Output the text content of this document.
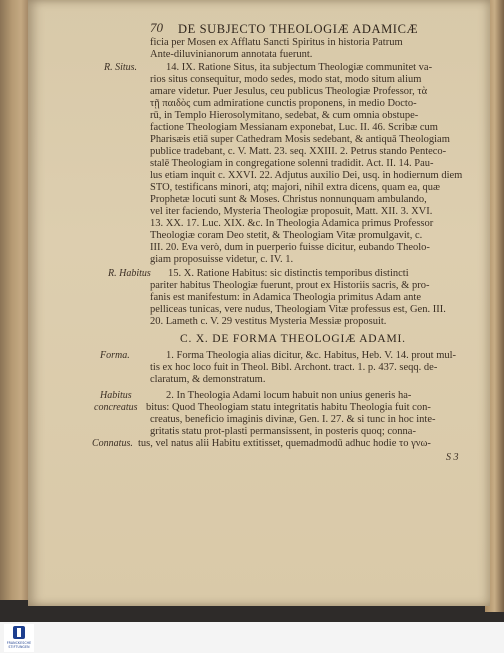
70 DE SUBJECTO THEOLOGIÆ ADAMICÆ
ficia per Mosen ex Afflatu Sancti Spiritus in historia Patrum
Ante-diluvinianorum annotata fuerunt.
R. Situs.	14. IX. Ratione Situs, ita subjectum Theologiæ communitet va-
rios situs consequitur, modo sedes, modo stat, modo situm alium
amare videtur. Puer Jesulus, ceu publicus Theologiæ Professor, τὰ
τῇ παιδὸς cum admiratione cunctis proponens, in medio Docto-
rū, in Templo Hierosolymitano, sedebat, & cum omnia obstupe-
factione Theologiam Messianam exponebat, Luc. II. 46. Scribæ cum
Pharisæis etiā super Cathedram Mosis sedebant, & antiquā Theologiam
publice tradebant, c. V. Matt. 23. seq. XXIII. 2. Petrus stando Penteco-
stalē Theologiam in congregatione solenni tradidit. Act. II. 14. Pau-
lus etiam inquit c. XXVI. 22. Adjutus auxilio Dei, usq. in hodiernum diem
STO, testificans minori, atq; majori, nihil extra dicens, quam ea, quæ
Prophetæ locuti sunt & Moses. Christus nonnunquam ambulando,
vel iter faciendo, Mysteria Theologiæ proposuit, Matt. XII. 3. XVI.
13. XX. 17. Luc. XIX. &c. In Theologia Adamica primus Professor
Theologiæ coram Deo stetit, & Theologiam Vitæ promulgavit, c.
III. 20. Eva verò, dum in puerperio fuisse dicitur, eubando Theolo-
giam proposuisse videtur, c. IV. 1.
R. Habitus 15. X. Ratione Habitus: sic distinctis temporibus distincti
pariter habitus Theologiæ fuerunt, prout ex Historiis sacris, & pro-
fanis est manifestum: in Adamica Theologia primitus Adam ante
pelliceas tunicas, vere nudus, Theologiam Vitæ professus est, Gen. III.
20. Lameth c. V. 29 vestitus Mysteria Messiæ proposuit.
C. X. DE FORMA THEOLOGIÆ ADAMI.
Forma.	1. Forma Theologia alias dicitur, &c. Habitus, Heb. V. 14. prout mul-
tis ex hoc loco fuit in Theol. Bibl. Archont. tract. 1. p. 437. seqq. de-
claratum, & demonstratum.
Habitus
concreatus
2. In Theologia Adami locum habuit non unius generis ha-
bitus: Quod Theologiam statu integritatis habitu Theologia fuit con-
creatus, beneficio imaginis divinæ, Gen. I. 27. & si tunc in hoc inte-
gritatis statu prot-plasti permansissent, in posteris quoq; conna-
Connatus. tus, vel natus alii Habitu extitisset, quemadmodū adhuc hodie το γνω-
S 3
FRANCKESCHE
STIFTUNGEN
